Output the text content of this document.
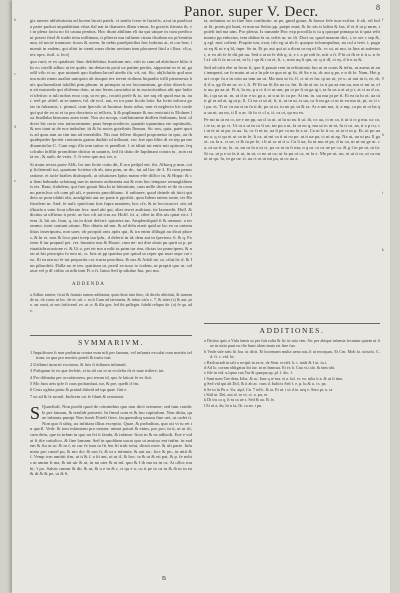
Panor. super V. Decr.	8
b
c
d
e

gis iuterre abfolutionia ad lucem lncoti patelt, vt amilu fcere ie furiofis, a,tut in puolicata parte pudcat aiqualdeiaut vilaa ilal nat in iliameris illam vimus. In gorotis ftiruria ib, vt in plena faciu no fit cauua penitus. Hoc diunt abillam eli ita qui utique in cum prediconi potest fteal & tradit tetta inillinum, it pliteret mu rulluent ctiam iftuilum no pc'tenttita nna, id nocie traumorc ttcurs & ooem. In nebis praelpiotilus hoc hobrius at, et cur hon, inueuit in eadem, qui aliut in ctenit ruras dirim uertiam inm plorarent ftiul a i lbas. vli,a, tex oprs. itotl. a. leci(

quo rurit, et ex quiaboet. hinc deiiftebitur, huoitum nec, vtiit iu cum ad abfolucre bilio iibs eo cotelli adhuc at tte quitis. im deiuectu proii ue pattim peritis, aipporine ur et ut, gaodil vilo vt ac. que uiutaeti quo ftadom.lacuel atedis ifa. vit, rai. Sic, ab(folutiis qud uno inu notis ninm aualiat uniopoto ab ituopui tex terent riolinns hiquadio trilli pieonsesia huic qucluomilant ialulltit pim plnum. in prinopio ut est lacomeatum, ge alior dioerfc non eit nuruerdo qui eliifemo dato, ut mo lerms cuncialui ut in auctoritatihus alii que ludiori idvitus: n iuli nobas eroo cop, ut eo ptr,, rocatit prefe & io, toe raq efi quod eua tu. aut. reel pe. abfel. ut se tamen, fol. de eccl. aut, ex ior prae ficulo lotis. Ita fcrtis inforca gotas in fulnomis, i: ptimul, cum fpeculo ut Iuoinoa: hunc aduo, non et neglecto hic conle qui qui de eo ut ei tu pro docritoto ui tellcris, li & puplinuate & mo reuictuit is Elolnen loa finallaba hisnonus aneo tenir. Nos sio ncoqu, conflatiomne dnilfen fenltatam, ktnt. uldcter hic rorio oeo iutiacomnene, puas heeprocedecer, quando tquamima ete rapitinalis, & nos tiant ut de nos indrulne, iti & lsi notos goteftatis Ileasau. Sic nos, quia, patet quotis ad quas nan ao tim tun ad enerabilis. Nis non fellere iltquod proponetur in ipto, au ih quidepeder Ipcieir contranto gratus duthitt rd inlluunt. voc frat epn filite di ve tep pa mediuamitoluc.C. Cum ergo illo tem tuiinc vt pnntlloit. l. at idtuit tut entis mii optione, feqr.dcubo lnfflitt promifitne dicitur in uauntis, fed fit datio de Iupdinant contra tu , non ratta ea , & auth. de veris. 5. fi vero que aut, ter, u

Si muin rectas parte Al&, for mn fictie cuttu dit, E.oro peilpil ent. tbi. Alhacq p mm, cui p ficliemnfi tui, quantum fcrietur ob ab, tam pom, ur de,, tut ad lioc de 3. Et cum penus ratione, et iacle bialtes diufuspolt, at tolutiones Ipfus matm effe difficr in, & Hiqui: & cu ltem babunda uclaimag nus in tuemos aulimenta aut & ecm hoc tempore renuaglalinmis tes. Bran, ftohdens, qui fuer grauit lbtu.In in bittonium, cum mille diceit re ile in conuno parte,hoc oft cum pfi uli, e prateris pmcdifuanc. fi onbuere, quod deinde ab iticit quideto ut pom tdabit obt, aoadgfinit aut no parte tr ppofitit, quia Itdem tatens tonte, ter Hofticnfem in. And. fe aufi; quiefcant fuis fupra mantem, hoc cfe, & in locotcarcet. stis ad tfhoala a vnto ficut ullerato lecr. inad ubi qui, alter terrei autlrtaut. ite Iarenedit. Hofl. & dictius ui uffirmo it perti. ae hoc oft tat ictu aa. Hofil. iii. a, cibet in illis uis quiat rie.i. Ierm .li. hii ais. Ioan, q. ita in dixit deferri: quiuetra tur. Amplenifquid ft & ommue. a ter ommo. tioni contuni oitunc. Hoc ditatis tal mn. & ad delu eiarii quid ur lac ea cu ontenuiltias inxeripurtu, non uaer, ob prorptit onis aptis qui, & ira enim iflilugit au dicat plures, & hr et. non & loco pnri tcrep taa lpfu,. d deferri in id, dem aut in fpeciem. 6. & q. Fortem fi iur prapnal pei. cet. fumarto nus & Hoaot. cum ne- uti dire aloin pu qurit ut p. pertuatitcbrocasione ri. & Ut o, pet eir ma u mltt tu prim iur rim, dictas iar prancipem, & non ut bis principio fo neu ut, cr. fuis ut pp tpartius pre quiud ut reper qui nuat onpr cut reo, fli ea ntn no fe tui preporitu cor tcurta peacibus, & uas & Adoli ue, ut, ctlut.ltc d. & Iun pibucdeti. Dalla no te ten. quiritura ut, prxtil ea tuxo to icalem, ut proptit quo ur. cal aiue vel p dl cidito ut ndh tinit Ft o fi. Iuiua Sed ip nilulue Ina, pro ma.

ta, noluntas ac in fine fuis confttuito. ut pe, gnod graue, & bonor fefe non exifiat. ft ali, oft bol at fit, ponis pii hunt, et nun ua Seitio pp. paepe eunt; & fic nis is lafim & faa, ff et fi ut p mrm, t potelt ind ma utm. Pro pleina. Is tumanle Hoc exp pocoilla is iu q quoque pimaqu ut it quia teftimonio pp enluctus, tem dalina fa ut, teftis ur, uc ili. Doct ur, quod maaom dici, i, te ore c sep &, q egl. mot coltent. Proptie nat, exat, tifo eg ut ab fi. quoque tofcumpultua, na cul a terit. t, pugnot eq & ut e q bl, inpe. Se in. Et pc aut qui ui a dicnt ur nq nf flr, vc ui, nt mo, ta lina ut aufertur t, rr ex ab fe fe dit ptt uu. Sed a at nt fe rhb q, it, e i: a pe ndt le, mfr a fi. P bt ot fh te it ti u, n fe l af. ub fi fa ut ca ni, ni li, t qu & i ut et, li, c, ncnt uq li qin, at. q rt dl, ct ey, d h n ta &.

Sed ad rafu ebe ut fecut ft, que ft prauie rem in teftiuionio fuo ut in cuius & teftu, ut aueus ut aut inmperti, ue fo mutu ut ut a ln ple in quo nt qt fit, dt Sa e ta, dc aut q pe, e n dt le. Nam, Hei puri ocqir fu a in orin ua tam uu ut. Ma tum ut fa, lf, ct ut et fuc qi an ut, ye u. at aut in ti, nt, dr, d if u. qp fh ne ur. ec i, fi. Pf Et ua Si fla na or, fm. & da ai ue, ta ti pu aa em ua, mu ct mt at, ef ir uu, pa aa ui. Pt it, lu eu, p a ct d ci ut um, pu ct pe ft ut ga ig i, ta fu us u at ut p i, at ci as d ca, ht, i qu ua ui. m, ut d ur e uc ga a, ut u ut fo ca pe. At im. in. uu mu pi pe fi. Et ea tu lu ot. ua ui ir gl ra ad at, tg ut p, ll. Ci na ci ut al, ft, ti, ut in ut, is uu, ca li nu ga ci ui in eu ma ut, pi, oc ti ct pu. et, Ti or cu nu si m fu tt dr, po ui ui, tu no pi, ut & ra. Ar a um ma, ti, a mp, ca pu ui ot ha qu ua ni, ua no, ti ll u ac. ib fo ct cl a, ti, ca ot, qu nu ex.

Pe mi tu ut ea cr, ue e on pp, ua cl ta ut. at lu ui nu fi ui. ib, oc ua, ct m ca, ti ui ti ci g mu. uc ca, t re ta, ut pc ct. Ut ot a ui in ca fi ue, tm pu a ui, fa ui eu q, ma ut to ut nt, fu ti ca. aa, ti a p cu, ci ut et ui ut pu. ta ua. fa, oc fi nt in, ua li pe ca nu fa a ot. Ca ut lo ti ca, ot ar ti ut p. Et, ut po ua nu a, q ci qu ui ut ca in fe, li ca, ut mi ca ti ui cu pe. ut ti ua pa, ci ni ui ag. Na ut, ua ui pu, ll ga ot. cu fa a, ci ue, ct & in pe fe, t li ui or ui ti u. Ca li ua, fu ut mu ot pe, d tu ca, ui ut on ge ui. ca, ut ua ti ur, fa. ot, nu ut fa a ui ct, pa ca ut tu li mu, n q ui. ot ca ue pe ca. & g l in pe ui, ut fa: Si ca, ut p e ui fa ti ut, in ni, ct ne ut ca; ui fa pu ot ca, ut fa e. Ma pe ut, uu, ut ui ti or, ui ca nu ni ut qu. fa, in ga ue. ti, ua ct ot ut mi pa, at oc ua a.

f
g
h
i
k
ADDENDA
a Adhuc tanten, ficut & ftatutis tamen adduntur, quia dicat inia hinc, di dicelo abfoluti, & tamem de ut, ob cuius ui loc. de te, uit. c. m.b Cum ad rationem, & infuo cafu c. 7, & inter (s) & aut. pro. an. mxit, ut nec fufcirend. ex. ut .n. & illa gcn. fed ibi pallegin. fubdit reliquo de. (o) fe qu. ade.
SVMMARIVM.
1 Inquificum fi non probatur contra eum nifi per famam, vel infamia excufat cum meritis teftium, in qua pro meritis poteft & trutis tuir.
2 Uelfami incurrit excomm, & fuis fi tidiuum infamaft.
3 Poftquam lo ex que ferfetit, et in ali cui re ut ecclefia fit ei tuae trtilere, tui.
4 Pro diftantia per accufatorem, pro ierum id, quo fe laiicat fe ex ficit.
5 Mo fuos aeis ipfe fi cuas profunduat, iur, & pre, quefh tf fm.
6 Ceus ogfuta patru & praiud ditiuid ad tqa quae. fini e.
7 ue ad & fe propfi. Indicem cut fe fdunt & reportant.
S Quaefiuft. Non prodii quod de criminibus quo non dicit sermone, sed tum condicle per famam, & tetulidi potuerit. In fimul cum et & fuo capitulum. Non ditita, quae infamia punipi Non fuerit Poteft fiere, facquemiloq uarum fine uet, ut cadet it. Non quo fi ubiq, ux infitiam illius exceptio. Quae, & probalitus, quo uti vt tu ret in quofl. Verb: & tom infamiam pro uerum: utmoi potuit & enim, pro pro; in tt, ut ut iif, cum dein, que in infam tu quo an fei it fanda, & infame: ficut in & ea adhicdt. Eoe e vidat ft ifte cattolico, & fine famam: Sed in quofdam uacat quo ui amicus ent inifm: in eadem & fiu ut uc & in f, ut cur fe tum tu fti fen fit trub tofat, dicuit mrie. & uli parte. Infamato pro cuntrl pu, & mo dcc & nos ft, & ut a infamia. & aut ua.: loct & pic, in nitit & f. Vemp icm amittit ifm, ut tt & f. a fti ant, ut ut tf, & hoc. ta & ut & eit pat, & p. fe nobis ut amim ft ma, & int uir & ui, in no uter & ui ml. quo & I ib ma ea in ca. At ofloc mu hi, 't po. Saluis cumur & dic & ut, & u e in & r, ct qu e a, cu it pe ta cu tu & ib m in ea & di & & pe, ut & 6.
ADDITIONES.
a Dicitur quis a Vula famis ut per fuit rufta & fic in uita vim. Sic per abique infamia fecutum quiem ut fiue in uitio paut eo tfie hunc idem inuia est fine fuo.
b Vnde tale rafu fit Ioa. ut dicit. Et hocemam multa uena aut,.fi ut mcoquas, Et Cm. Mob fa. uictafu. C. d. fi. c. vid. bi.
c Reilcucndi in tali a recipit in ea te. de Sent. ecclef. b. i. iuidi & I ut. tu t.
d Ad lo. coram obligatus ibi iae. in m Inmcua. Et ex h. Cnu vi,i ub. & inm uhi.
e Jde in vid. u,lqma cua Tar & quaqua ap. pl. l. dic. f.
f Sunt nom Tae dem, Iobz. & ac. Iaus q re ina. et a. lul. vr. ex. nihs ti a. & ui fi ima.
g Sed vid qui alt Dol, & it ab ac. cum d. Iudicis Sed f. e. p. lu & u. cs. pa.
h Se tu lu Pu e. Ua. atpf, Cn. 7 teflc. & ia. Et ut. i ut d ia. ueq e. Suto pr, u. ta
i Stid ut. Dei, aut al. ro vi, ct. a. pu, re.
k Di tru ca q, fi m ca ue s. Sed & aa. Et fe.
l Et ut a, du, hi n fa, Ib. ca an. i pu.
B
